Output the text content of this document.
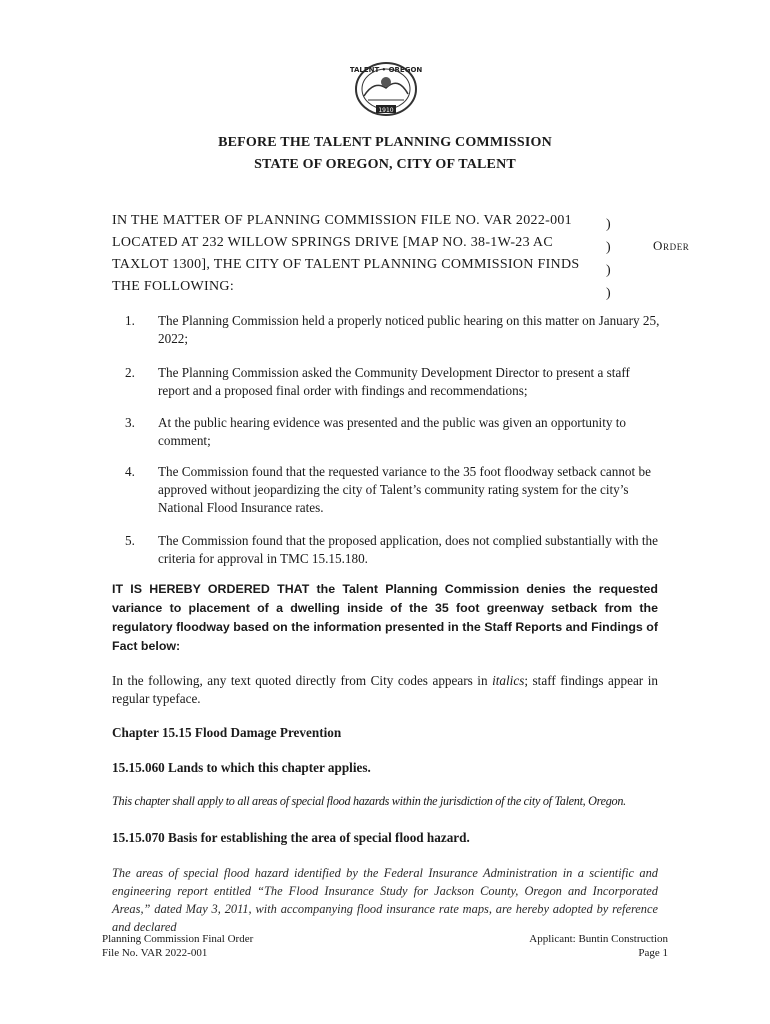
TALENT • OREGON
1910
BEFORE THE TALENT PLANNING COMMISSION
STATE OF OREGON, CITY OF TALENT
IN THE MATTER OF PLANNING COMMISSION FILE NO. VAR 2022-001 LOCATED AT 232 WILLOW SPRINGS DRIVE [MAP NO. 38-1W-23 AC TAXLOT 1300], THE CITY OF TALENT PLANNING COMMISSION FINDS THE FOLLOWING:
)
)
)
)
Order
1. The Planning Commission held a properly noticed public hearing on this matter on January 25, 2022;
2. The Planning Commission asked the Community Development Director to present a staff report and a proposed final order with findings and recommendations;
3. At the public hearing evidence was presented and the public was given an opportunity to comment;
4. The Commission found that the requested variance to the 35 foot floodway setback cannot be approved without jeopardizing the city of Talent’s community rating system for the city’s National Flood Insurance rates.
5. The Commission found that the proposed application, does not complied substantially with the criteria for approval in TMC 15.15.180.
IT IS HEREBY ORDERED THAT the Talent Planning Commission denies the requested variance to placement of a dwelling inside of the 35 foot greenway setback from the regulatory floodway based on the information presented in the Staff Reports and Findings of Fact below:
In the following, any text quoted directly from City codes appears in italics; staff findings appear in regular typeface.
Chapter 15.15 Flood Damage Prevention
15.15.060 Lands to which this chapter applies.
This chapter shall apply to all areas of special flood hazards within the jurisdiction of the city of Talent, Oregon.
15.15.070 Basis for establishing the area of special flood hazard.
The areas of special flood hazard identified by the Federal Insurance Administration in a scientific and engineering report entitled “The Flood Insurance Study for Jackson County, Oregon and Incorporated Areas,” dated May 3, 2011, with accompanying flood insurance rate maps, are hereby adopted by reference and declared
Planning Commission Final Order
File No. VAR 2022-001
Applicant: Buntin Construction
Page 1
